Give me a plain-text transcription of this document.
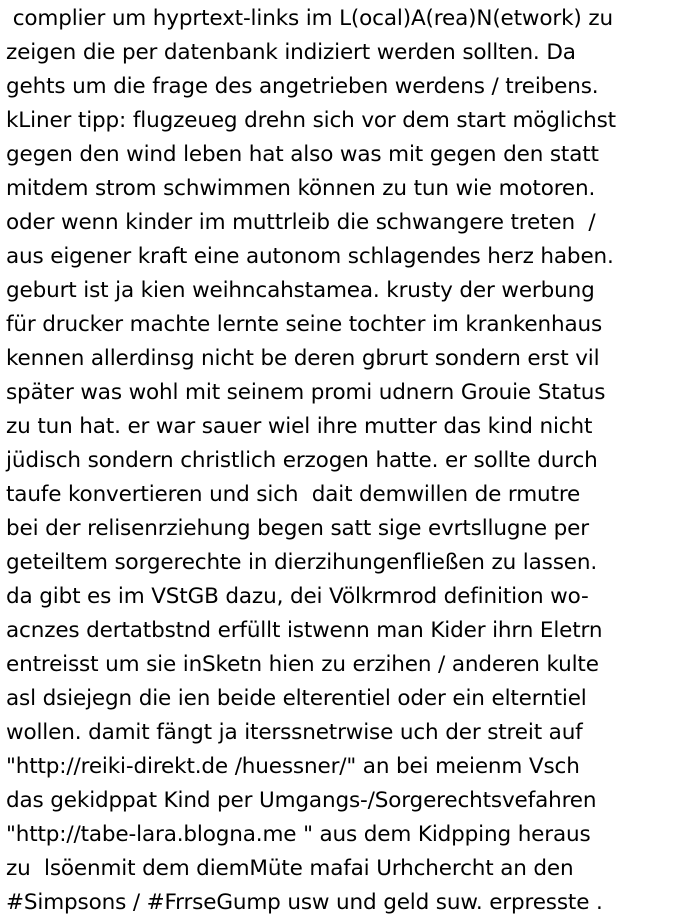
complier um hyprtext-links im L(ocal)A(rea)N(etwork) zu
zeigen die per datenbank indiziert werden sollten. Da
gehts um die frage des angetrieben werdens / treibens.
kLiner tipp: flugzeueg drehn sich vor dem start möglichst
gegen den wind leben hat also was mit gegen den statt
mitdem strom schwimmen können zu tun wie motoren.
oder wenn kinder im muttrleib die schwangere treten  /
aus eigener kraft eine autonom schlagendes herz haben.
geburt ist ja kien weihncahstamea. krusty der werbung
für drucker machte lernte seine tochter im krankenhaus
kennen allerdinsg nicht be deren gbrurt sondern erst vil
später was wohl mit seinem promi udnern Grouie Status
zu tun hat. er war sauer wiel ihre mutter das kind nicht
jüdisch sondern christlich erzogen hatte. er sollte durch
taufe konvertieren und sich  dait demwillen de rmutre
bei der relisenrziehung begen satt sige evrtsllugne per
geteiltem sorgerechte in dierzihungenfließen zu lassen.
da gibt es im VStGB dazu, dei Völkrmrod definition wo-
acnzes dertatbstnd erfüllt istwenn man Kider ihrn Eletrn
entreisst um sie inSketn hien zu erzihen / anderen kulte
asl dsiejegn die ien beide elterentiel oder ein elterntiel
wollen. damit fängt ja iterssnetrwise uch der streit auf
"http://reiki-direkt.de /huessner/" an bei meienm Vsch
das gekidppat Kind per Umgangs-/Sorgerechtsvefahren
"http://tabe-lara.blogna.me " aus dem Kidpping heraus
zu  lsöenmit dem diemMüte mafai Urhchercht an den
#Simpsons / #FrrseGump usw und geld suw. erpresste .
